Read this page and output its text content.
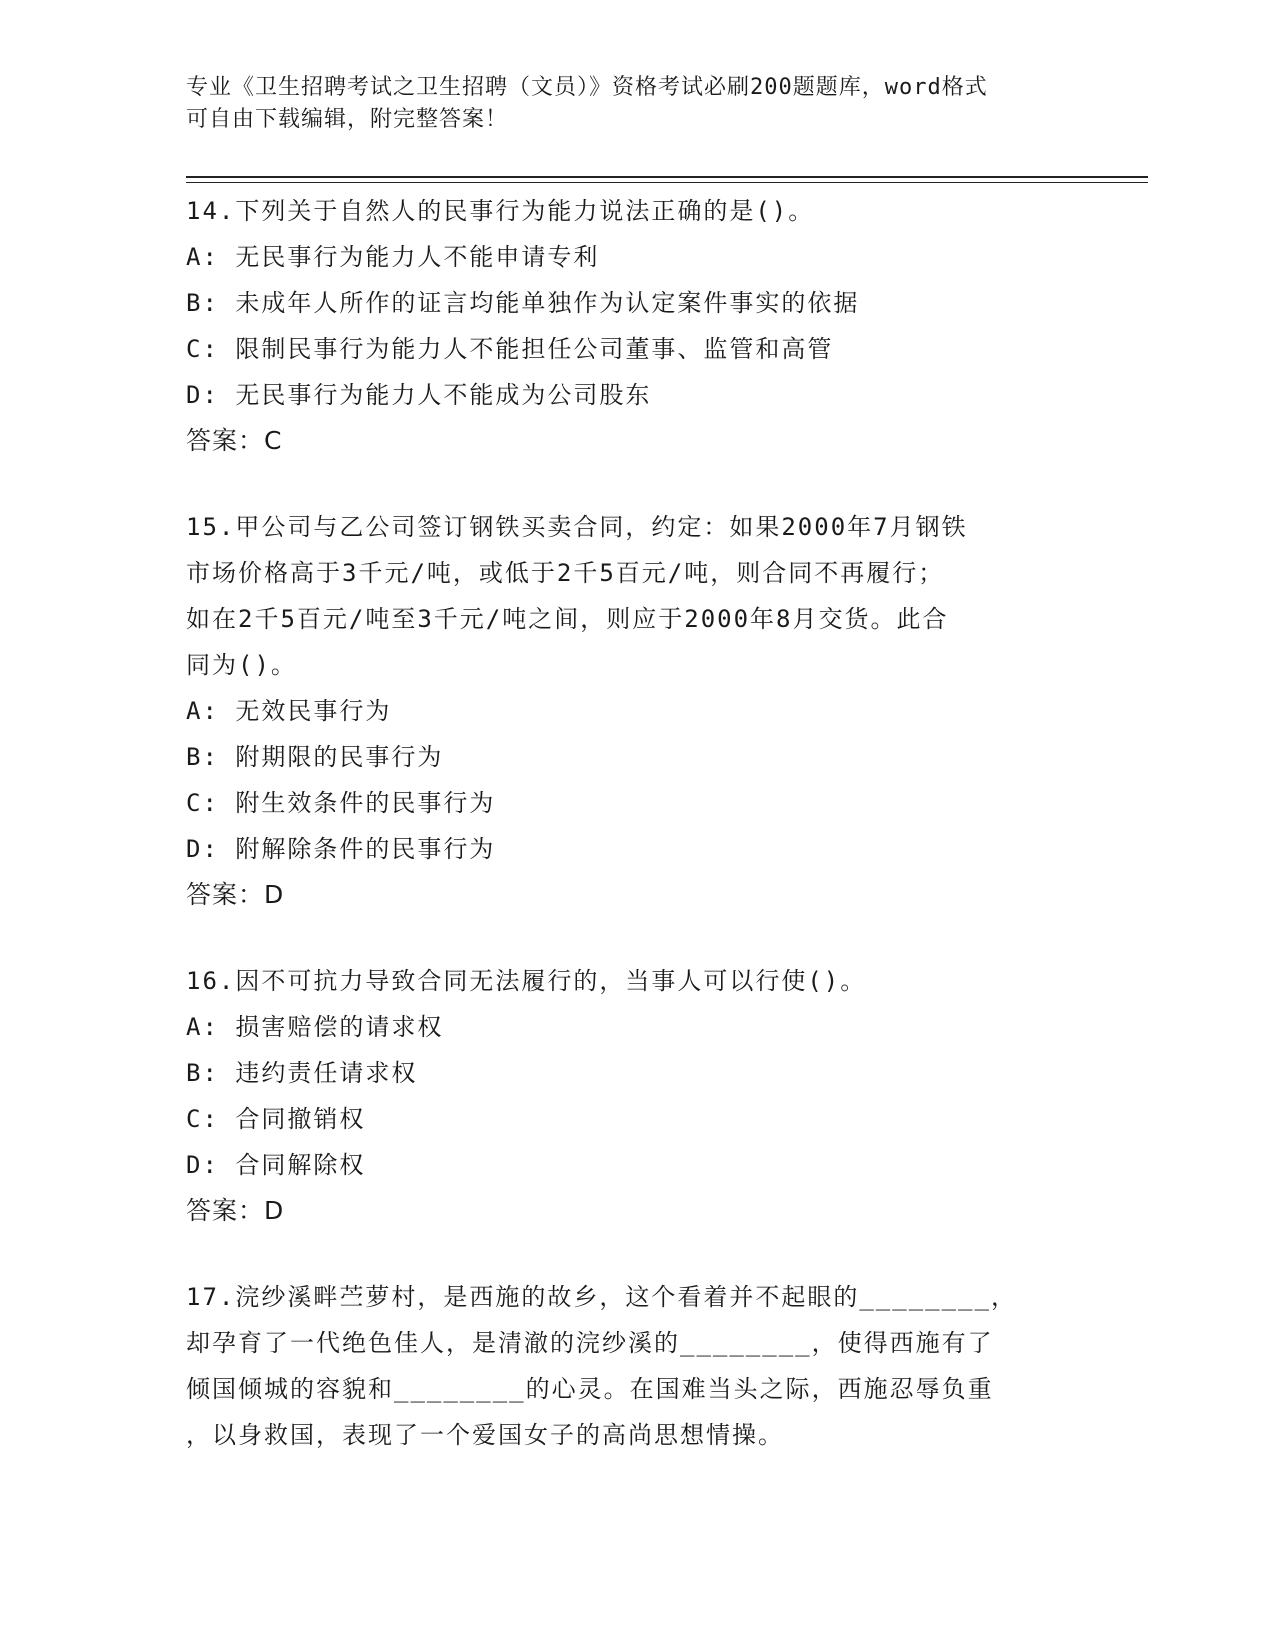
专业《卫生招聘考试之卫生招聘（文员）》资格考试必刷200题题库，word格式
可自由下载编辑，附完整答案！
14.下列关于自然人的民事行为能力说法正确的是()。
A: 无民事行为能力人不能申请专利
B: 未成年人所作的证言均能单独作为认定案件事实的依据
C: 限制民事行为能力人不能担任公司董事、监管和高管
D: 无民事行为能力人不能成为公司股东
答案：C
15.甲公司与乙公司签订钢铁买卖合同，约定：如果2000年7月钢铁
市场价格高于3千元/吨，或低于2千5百元/吨，则合同不再履行；
如在2千5百元/吨至3千元/吨之间，则应于2000年8月交货。此合
同为()。
A: 无效民事行为
B: 附期限的民事行为
C: 附生效条件的民事行为
D: 附解除条件的民事行为
答案：D
16.因不可抗力导致合同无法履行的，当事人可以行使()。
A: 损害赔偿的请求权
B: 违约责任请求权
C: 合同撤销权
D: 合同解除权
答案：D
17.浣纱溪畔苎萝村，是西施的故乡，这个看着并不起眼的________，
却孕育了一代绝色佳人，是清澈的浣纱溪的________，使得西施有了
倾国倾城的容貌和________的心灵。在国难当头之际，西施忍辱负重
，以身救国，表现了一个爱国女子的高尚思想情操。
